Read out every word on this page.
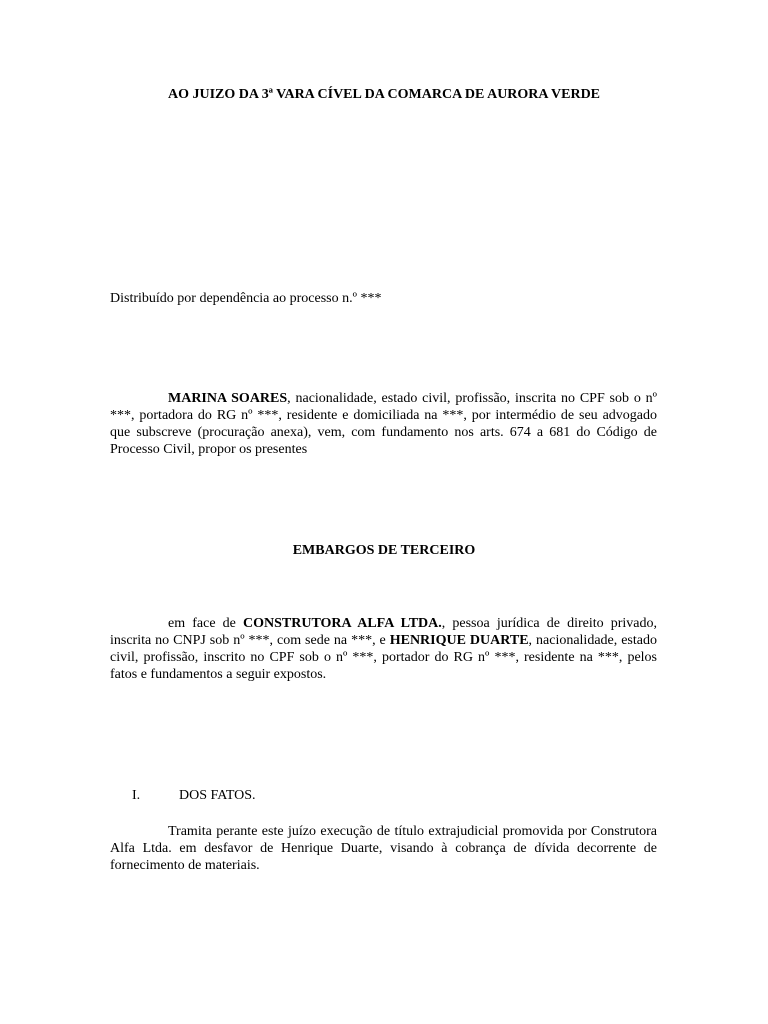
AO JUIZO DA 3ª VARA CÍVEL DA COMARCA DE AURORA VERDE
Distribuído por dependência ao processo n.º ***
MARINA SOARES, nacionalidade, estado civil, profissão, inscrita no CPF sob o nº ***, portadora do RG nº ***, residente e domiciliada na ***, por intermédio de seu advogado que subscreve (procuração anexa), vem, com fundamento nos arts. 674 a 681 do Código de Processo Civil, propor os presentes
EMBARGOS DE TERCEIRO
em face de CONSTRUTORA ALFA LTDA., pessoa jurídica de direito privado, inscrita no CNPJ sob nº ***, com sede na ***, e HENRIQUE DUARTE, nacionalidade, estado civil, profissão, inscrito no CPF sob o nº ***, portador do RG nº ***, residente na ***, pelos fatos e fundamentos a seguir expostos.
I.	DOS FATOS.
Tramita perante este juízo execução de título extrajudicial promovida por Construtora Alfa Ltda. em desfavor de Henrique Duarte, visando à cobrança de dívida decorrente de fornecimento de materiais.
